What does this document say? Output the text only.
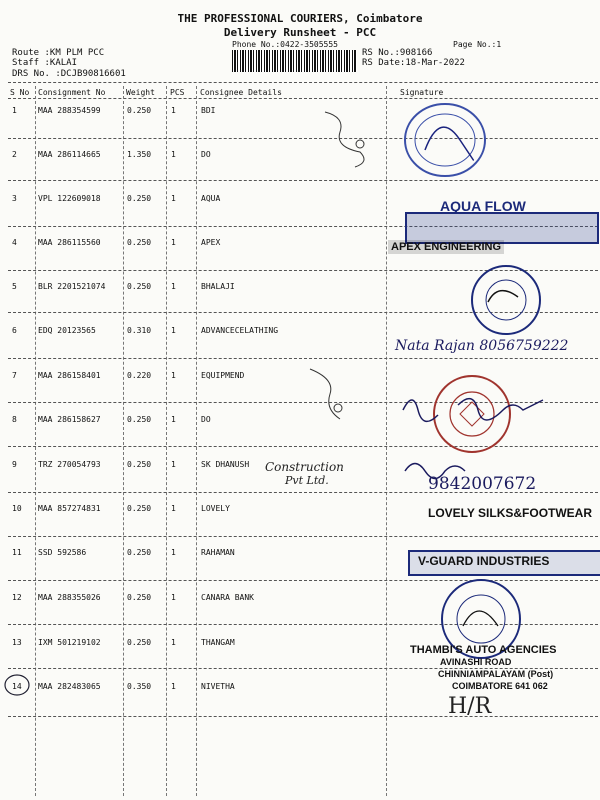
THE PROFESSIONAL COURIERS, Coimbatore
Delivery Runsheet - PCC
Phone No.:0422-3505555	Page No.:1
Route :KM PLM PCC
Staff :KALAI
DRS No. :DCJB90816601
RS No.:908166
RS Date:18-Mar-2022
S No Consignment No	Weight PCS Consignee Details	Signature
1	MAA 288354599	0.250 1	BDI
2	MAA 286114665	1.350 1	DO
3	VPL 122609018	0.250 1	AQUA
4	MAA 286115560	0.250 1	APEX
5	BLR 2201521074	0.250 1	BHALAJI
6	EDQ 20123565	0.310 1	ADVANCECELATHING
7	MAA 286158401	0.220 1	EQUIPMEND
8	MAA 286158627	0.250 1	DO
9	TRZ 270054793	0.250 1	SK DHANUSH
10 MAA 857274831	0.250 1	LOVELY
11 SSD 592586	0.250 1	RAHAMAN
12 MAA 288355026	0.250 1	CANARA BANK
13 IXM 501219102	0.250 1	THANGAM
14 MAA 282483065	0.350 1	NIVETHA
AQUA FLOW
APEX ENGINEERING
Nata Rajan 8056759222
Construction
Pvt Ltd.	9842007672
LOVELY SILKS&FOOTWEAR
V-GUARD INDUSTRIES
THAMBI'S AUTO AGENCIES
AVINASHI ROAD
CHINNIAMPALAYAM (Post)
COIMBATORE 641 062
H/R
